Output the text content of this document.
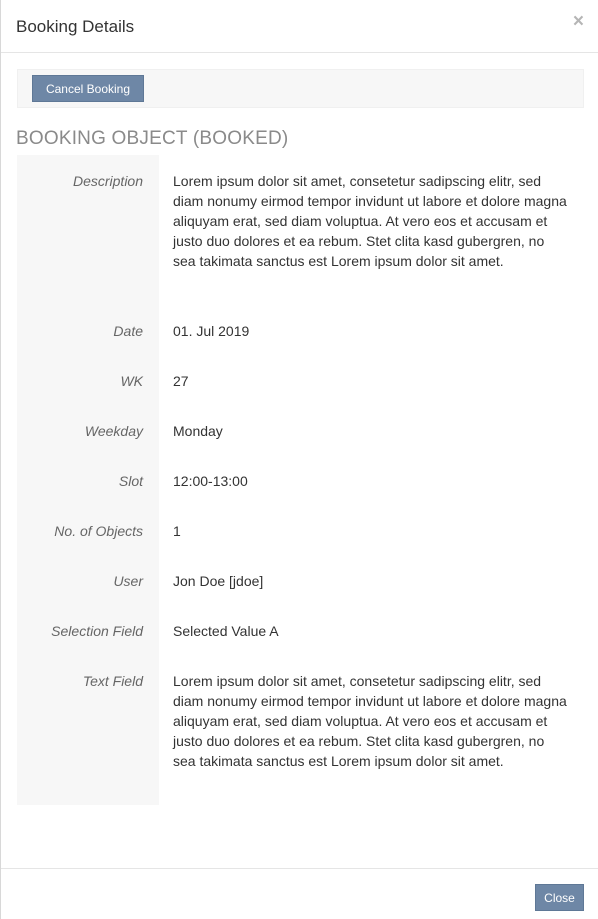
Booking Details	×
Cancel Booking
BOOKING OBJECT (BOOKED)
Description Lorem ipsum dolor sit amet, consetetur sadipscing elitr, sed diam nonumy eirmod tempor invidunt ut labore et dolore magna aliquyam erat, sed diam voluptua. At vero eos et accusam et justo duo dolores et ea rebum. Stet clita kasd gubergren, no sea takimata sanctus est Lorem ipsum dolor sit amet.
Date 01. Jul 2019
WK 27
Weekday Monday
Slot 12:00-13:00
No. of Objects 1
User Jon Doe [jdoe]
Selection Field Selected Value A
Text Field Lorem ipsum dolor sit amet, consetetur sadipscing elitr, sed diam nonumy eirmod tempor invidunt ut labore et dolore magna aliquyam erat, sed diam voluptua. At vero eos et accusam et justo duo dolores et ea rebum. Stet clita kasd gubergren, no sea takimata sanctus est Lorem ipsum dolor sit amet.
Close
